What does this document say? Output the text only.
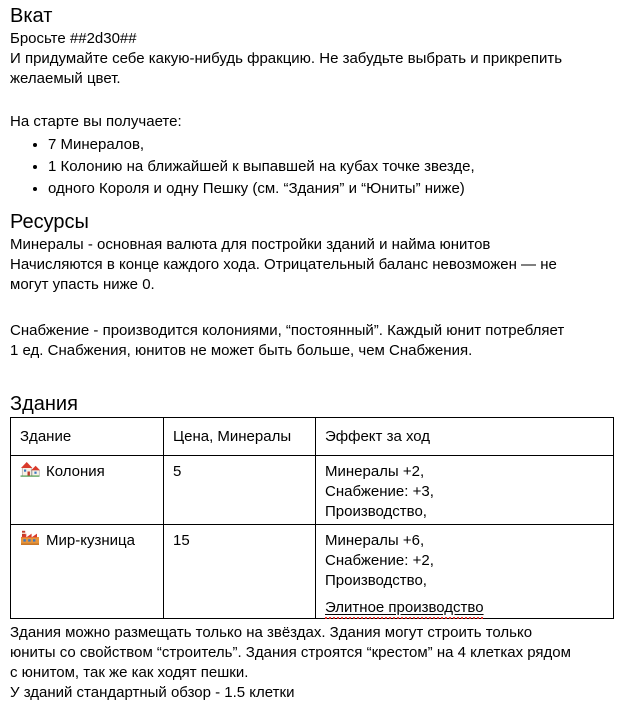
Вкат
Бросьте ##2d30##
И придумайте себе какую-нибудь фракцию. Не забудьте выбрать и прикрепить
желаемый цвет.
На старте вы получаете:
• 7 Минералов,
• 1 Колонию на ближайшей к выпавшей на кубах точке звезде,
• одного Короля и одну Пешку (см. “Здания” и “Юниты” ниже)
Ресурсы
Минералы - основная валюта для постройки зданий и найма юнитов
Начисляются в конце каждого хода. Отрицательный баланс невозможен — не
могут упасть ниже 0.
Снабжение - производится колониями, “постоянный”. Каждый юнит потребляет
1 ед. Снабжения, юнитов не может быть больше, чем Снабжения.
Здания
Здание	Цена, Минералы	Эффект за ход

Колония	5	Минералы +2,
Снабжение: +3,
Производство,

Мир-кузница	15	Минералы +6,
Снабжение: +2,
Производство,
Элитное производство
Здания можно размещать только на звёздах. Здания могут строить только
юниты со свойством “строитель”. Здания строятся “крестом” на 4 клетках рядом
с юнитом, так же как ходят пешки.
У зданий стандартный обзор - 1.5 клетки
